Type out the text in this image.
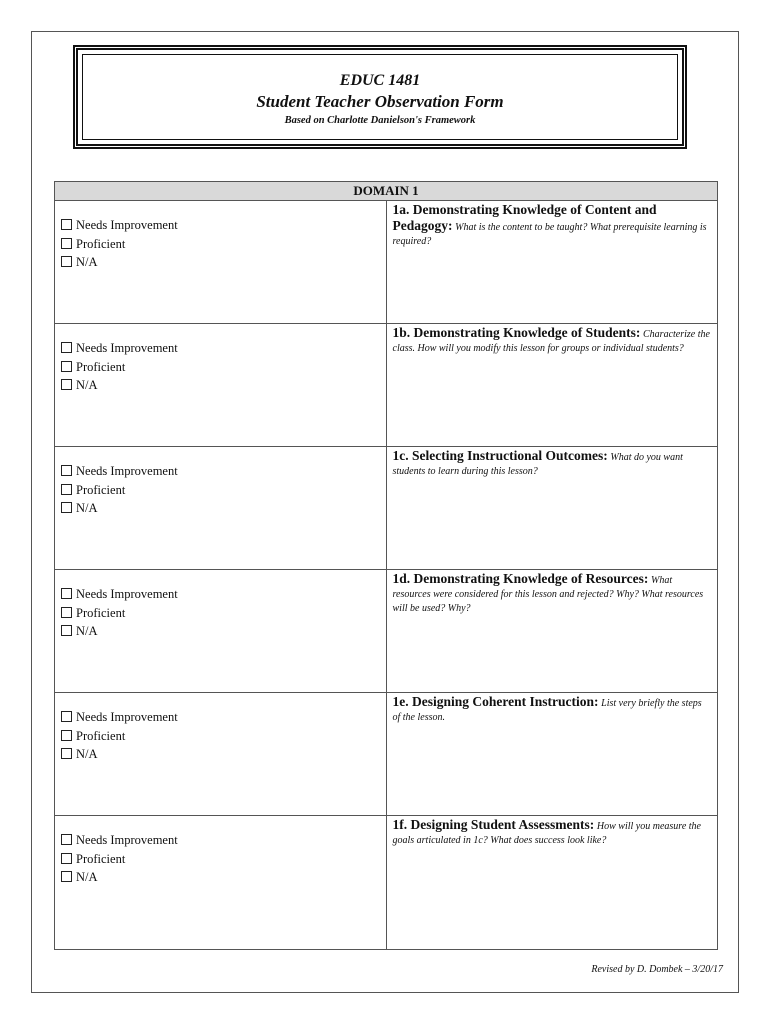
EDUC 1481
Student Teacher Observation Form
Based on Charlotte Danielson's Framework
DOMAIN 1	

Needs Improvement
Proficient
N/A	1a. Demonstrating Knowledge of Content and Pedagogy: What is the content to be taught? What prerequisite learning is required?

Needs Improvement
Proficient
N/A	1b. Demonstrating Knowledge of Students: Characterize the class. How will you modify this lesson for groups or individual students?

Needs Improvement
Proficient
N/A	1c. Selecting Instructional Outcomes: What do you want students to learn during this lesson?

Needs Improvement
Proficient
N/A	1d. Demonstrating Knowledge of Resources: What resources were considered for this lesson and rejected? Why? What resources will be used? Why?

Needs Improvement
Proficient
N/A	1e. Designing Coherent Instruction: List very briefly the steps of the lesson.

Needs Improvement
Proficient
N/A	1f. Designing Student Assessments: How will you measure the goals articulated in 1c? What does success look like?
Revised by D. Dombek – 3/20/17
